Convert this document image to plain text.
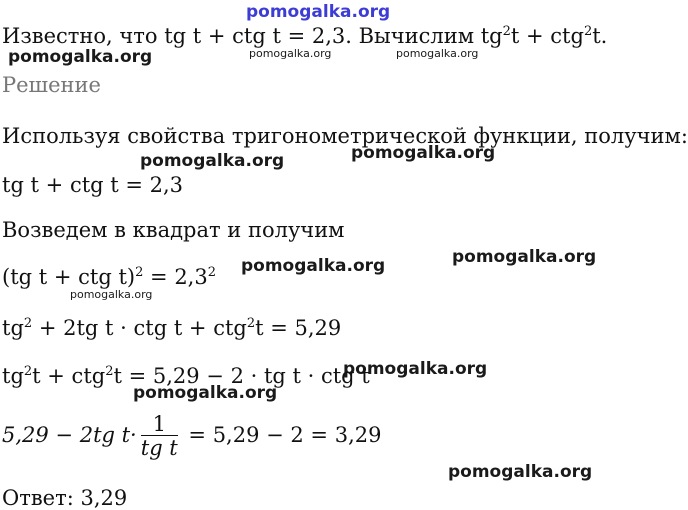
pomogalka.org
pomogalka.org	pomogalka.org	pomogalka.org
pomogalka.org	pomogalka.org
pomogalka.org	pomogalka.org
pomogalka.org
pomogalka.org
pomogalka.org
pomogalka.org
Известно, что tg t + ctg t = 2,3. Вычислим $tg^2t + ctg^2t$.
Решение
Используя свойства тригонометрической функции, получим:
tg t + ctg t = 2,3
Возведем в квадрат и получим
(tg t + ctg $t)^2 = 2,3^2$
$tg^2 + 2tg$ t · ctg t + ctg$^2$t = 5,29
$tg^2t + ctg^2t = 5,29 - 2$ · tg t · ctg t
5,29 − 2tg $t\cdot \frac{1}{\text{tg t}} = 5,29 - 2 = 3,29$
Ответ: 3,29
